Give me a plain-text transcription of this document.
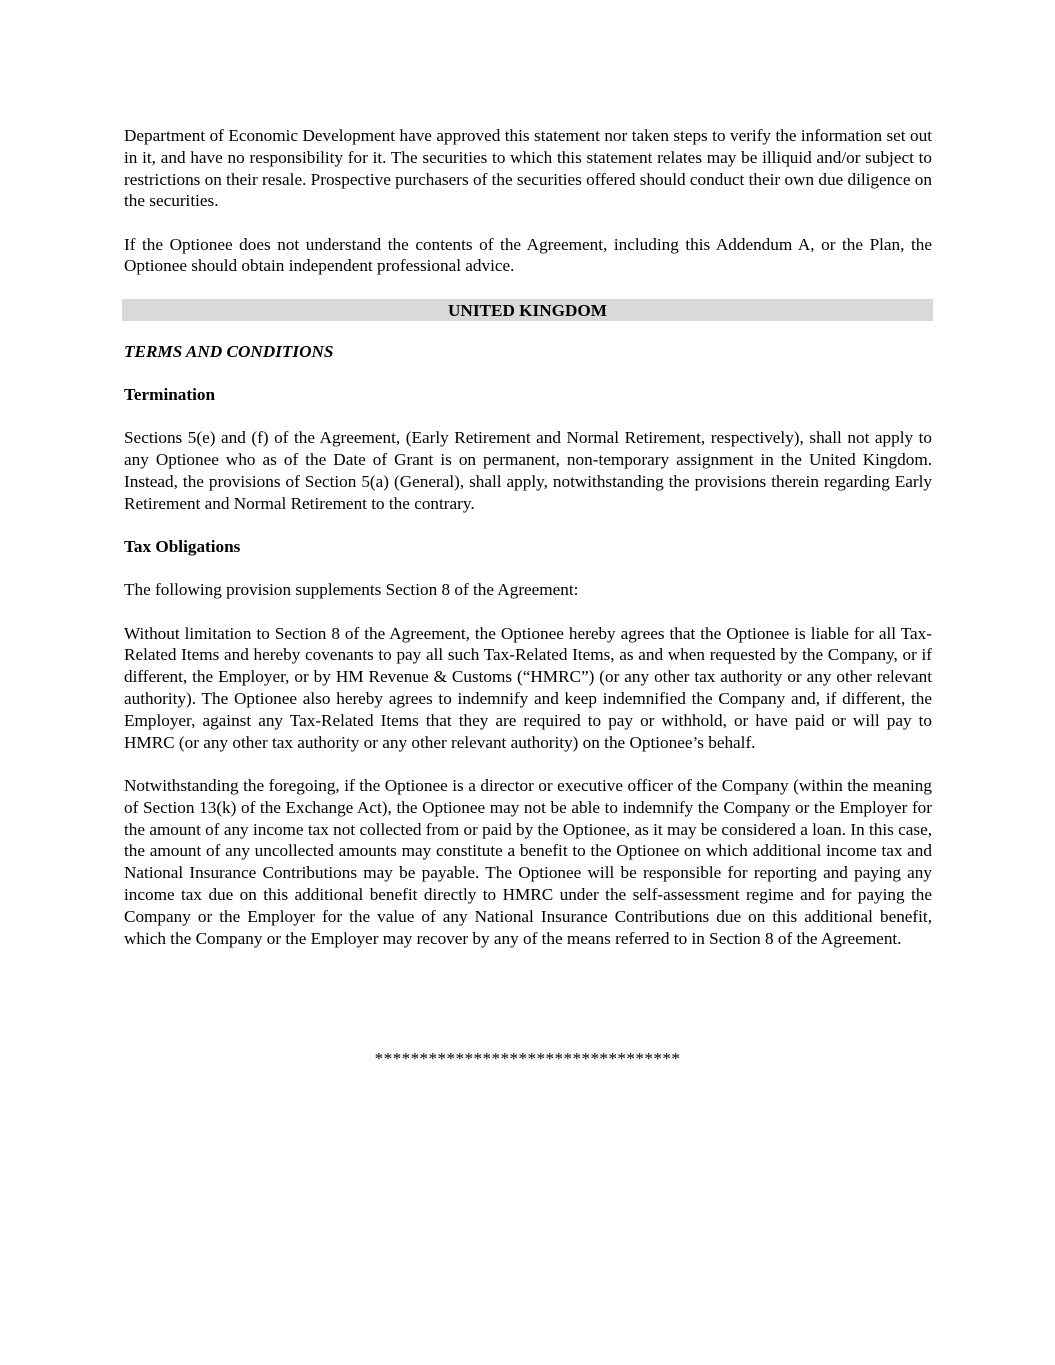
Department of Economic Development have approved this statement nor taken steps to verify the information set out in it, and have no responsibility for it. The securities to which this statement relates may be illiquid and/or subject to restrictions on their resale. Prospective purchasers of the securities offered should conduct their own due diligence on the securities.

If the Optionee does not understand the contents of the Agreement, including this Addendum A, or the Plan, the Optionee should obtain independent professional advice.

UNITED KINGDOM

TERMS AND CONDITIONS

Termination

Sections 5(e) and (f) of the Agreement, (Early Retirement and Normal Retirement, respectively), shall not apply to any Optionee who as of the Date of Grant is on permanent, non-temporary assignment in the United Kingdom. Instead, the provisions of Section 5(a) (General), shall apply, notwithstanding the provisions therein regarding Early Retirement and Normal Retirement to the contrary.

Tax Obligations

The following provision supplements Section 8 of the Agreement:

Without limitation to Section 8 of the Agreement, the Optionee hereby agrees that the Optionee is liable for all Tax-Related Items and hereby covenants to pay all such Tax-Related Items, as and when requested by the Company, or if different, the Employer, or by HM Revenue & Customs (“HMRC”) (or any other tax authority or any other relevant authority). The Optionee also hereby agrees to indemnify and keep indemnified the Company and, if different, the Employer, against any Tax-Related Items that they are required to pay or withhold, or have paid or will pay to HMRC (or any other tax authority or any other relevant authority) on the Optionee’s behalf.

Notwithstanding the foregoing, if the Optionee is a director or executive officer of the Company (within the meaning of Section 13(k) of the Exchange Act), the Optionee may not be able to indemnify the Company or the Employer for the amount of any income tax not collected from or paid by the Optionee, as it may be considered a loan. In this case, the amount of any uncollected amounts may constitute a benefit to the Optionee on which additional income tax and National Insurance Contributions may be payable. The Optionee will be responsible for reporting and paying any income tax due on this additional benefit directly to HMRC under the self-assessment regime and for paying the Company or the Employer for the value of any National Insurance Contributions due on this additional benefit, which the Company or the Employer may recover by any of the means referred to in Section 8 of the Agreement.

**********************************
